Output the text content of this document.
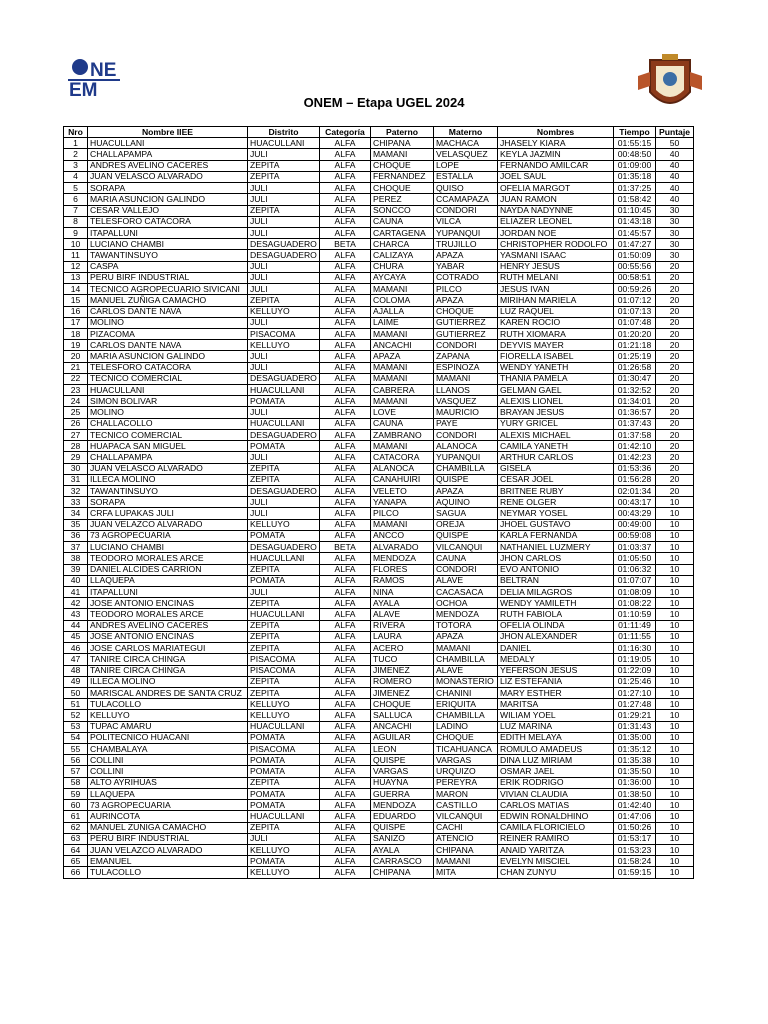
NE
EM
ONEM – Etapa UGEL 2024
Nro	Nombre IIEE	Distrito	Categoría	Paterno	Materno	Nombres	Tiempo	Puntaje
1	HUACULLANI	HUACULLANI	ALFA	CHIPANA	MACHACA	JHASELY KIARA	01:55:15	50
2	CHALLAPAMPA	JULI	ALFA	MAMANI	VELASQUEZ	KEYLA JAZMIN	00:48:50	40
3	ANDRES AVELINO CACERES	ZEPITA	ALFA	CHOQUE	LOPE	FERNANDO AMILCAR	01:09:00	40
4	JUAN VELASCO ALVARADO	ZEPITA	ALFA	FERNANDEZ	ESTALLA	JOEL SAUL	01:35:18	40
5	SORAPA	JULI	ALFA	CHOQUE	QUISO	OFELIA MARGOT	01:37:25	40
6	MARIA ASUNCION GALINDO	JULI	ALFA	PEREZ	CCAMAPAZA	JUAN RAMON	01:58:42	40
7	CESAR VALLEJO	ZEPITA	ALFA	SONCCO	CONDORI	NAYDA NADYNNE	01:10:45	30
8	TELESFORO CATACORA	JULI	ALFA	CAUNA	VILCA	ELIAZER LEONEL	01:43:18	30
9	ITAPALLUNI	JULI	ALFA	CARTAGENA	YUPANQUI	JORDAN NOE	01:45:57	30
10	LUCIANO CHAMBI	DESAGUADERO	BETA	CHARCA	TRUJILLO	CHRISTOPHER RODOLFO	01:47:27	30
11	TAWANTINSUYO	DESAGUADERO	ALFA	CALIZAYA	APAZA	YASMANI ISAAC	01:50:09	30
12	CASPA	JULI	ALFA	CHURA	YABAR	HENRY JESUS	00:55:56	20
13	PERU BIRF INDUSTRIAL	JULI	ALFA	AYCAYA	COTRADO	RUTH MELANI	00:58:51	20
14	TECNICO AGROPECUARIO SIVICANI	JULI	ALFA	MAMANI	PILCO	JESUS IVAN	00:59:26	20
15	MANUEL ZUÑIGA CAMACHO	ZEPITA	ALFA	COLOMA	APAZA	MIRIHAN MARIELA	01:07:12	20
16	CARLOS DANTE NAVA	KELLUYO	ALFA	AJALLA	CHOQUE	LUZ RAQUEL	01:07:13	20
17	MOLINO	JULI	ALFA	LAIME	GUTIERREZ	KAREN ROCIO	01:07:48	20
18	PIZACOMA	PISACOMA	ALFA	MAMANI	GUTIERREZ	RUTH XIOMARA	01:20:20	20
19	CARLOS DANTE NAVA	KELLUYO	ALFA	ANCACHI	CONDORI	DEYVIS MAYER	01:21:18	20
20	MARIA ASUNCION GALINDO	JULI	ALFA	APAZA	ZAPANA	FIORELLA ISABEL	01:25:19	20
21	TELESFORO CATACORA	JULI	ALFA	MAMANI	ESPINOZA	WENDY YANETH	01:26:58	20
22	TECNICO COMERCIAL	DESAGUADERO	ALFA	MAMANI	MAMANI	THANIA PAMELA	01:30:47	20
23	HUACULLANI	HUACULLANI	ALFA	CABRERA	LLANOS	GELMAN GAEL	01:32:52	20
24	SIMON BOLIVAR	POMATA	ALFA	MAMANI	VASQUEZ	ALEXIS LIONEL	01:34:01	20
25	MOLINO	JULI	ALFA	LOVE	MAURICIO	BRAYAN JESUS	01:36:57	20
26	CHALLACOLLO	HUACULLANI	ALFA	CAUNA	PAYE	YURY GRICEL	01:37:43	20
27	TECNICO COMERCIAL	DESAGUADERO	ALFA	ZAMBRANO	CONDORI	ALEXIS MICHAEL	01:37:58	20
28	HUAPACA SAN MIGUEL	POMATA	ALFA	MAMANI	ALANOCA	CAMILA YANETH	01:42:10	20
29	CHALLAPAMPA	JULI	ALFA	CATACORA	YUPANQUI	ARTHUR CARLOS	01:42:23	20
30	JUAN VELASCO ALVARADO	ZEPITA	ALFA	ALANOCA	CHAMBILLA	GISELA	01:53:36	20
31	ILLECA MOLINO	ZEPITA	ALFA	CANAHUIRI	QUISPE	CESAR JOEL	01:56:28	20
32	TAWANTINSUYO	DESAGUADERO	ALFA	VELETO	APAZA	BRITNEE RUBY	02:01:34	20
33	SORAPA	JULI	ALFA	YANAPA	AQUINO	RENE OLGER	00:43:17	10
34	CRFA LUPAKAS JULI	JULI	ALFA	PILCO	SAGUA	NEYMAR YOSEL	00:43:29	10
35	JUAN VELAZCO ALVARADO	KELLUYO	ALFA	MAMANI	OREJA	JHOEL GUSTAVO	00:49:00	10
36	73 AGROPECUARIA	POMATA	ALFA	ANCCO	QUISPE	KARLA FERNANDA	00:59:08	10
37	LUCIANO CHAMBI	DESAGUADERO	BETA	ALVARADO	VILCANQUI	NATHANIEL LUZMERY	01:03:37	10
38	TEODORO MORALES ARCE	HUACULLANI	ALFA	MENDOZA	CAUNA	JHON CARLOS	01:05:50	10
39	DANIEL ALCIDES CARRION	ZEPITA	ALFA	FLORES	CONDORI	EVO ANTONIO	01:06:32	10
40	LLAQUEPA	POMATA	ALFA	RAMOS	ALAVE	BELTRAN	01:07:07	10
41	ITAPALLUNI	JULI	ALFA	NINA	CACASACA	DELIA MILAGROS	01:08:09	10
42	JOSE ANTONIO ENCINAS	ZEPITA	ALFA	AYALA	OCHOA	WENDY YAMILETH	01:08:22	10
43	TEODORO MORALES ARCE	HUACULLANI	ALFA	ALAVE	MENDOZA	RUTH FABIOLA	01:10:59	10
44	ANDRES AVELINO CACERES	ZEPITA	ALFA	RIVERA	TOTORA	OFELIA OLINDA	01:11:49	10
45	JOSE ANTONIO ENCINAS	ZEPITA	ALFA	LAURA	APAZA	JHON ALEXANDER	01:11:55	10
46	JOSE CARLOS MARIATEGUI	ZEPITA	ALFA	ACERO	MAMANI	DANIEL	01:16:30	10
47	TANIRE CIRCA CHINGA	PISACOMA	ALFA	TUCO	CHAMBILLA	MEDALY	01:19:05	10
48	TANIRE CIRCA CHINGA	PISACOMA	ALFA	JIMENEZ	ALAVE	YEFERSON JESUS	01:22:09	10
49	ILLECA MOLINO	ZEPITA	ALFA	ROMERO	MONASTERIO	LIZ ESTEFANIA	01:25:46	10
50	MARISCAL ANDRES DE SANTA CRUZ	ZEPITA	ALFA	JIMENEZ	CHANINI	MARY ESTHER	01:27:10	10
51	TULACOLLO	KELLUYO	ALFA	CHOQUE	ERIQUITA	MARITSA	01:27:48	10
52	KELLUYO	KELLUYO	ALFA	SALLUCA	CHAMBILLA	WILIAM YOEL	01:29:21	10
53	TUPAC AMARU	HUACULLANI	ALFA	ANCACHI	LADINO	LUZ MARINA	01:31:43	10
54	POLITECNICO HUACANI	POMATA	ALFA	AGUILAR	CHOQUE	EDITH MELAYA	01:35:00	10
55	CHAMBALAYA	PISACOMA	ALFA	LEON	TICAHUANCA	ROMULO AMADEUS	01:35:12	10
56	COLLINI	POMATA	ALFA	QUISPE	VARGAS	DINA LUZ MIRIAM	01:35:38	10
57	COLLINI	POMATA	ALFA	VARGAS	URQUIZO	OSMAR JAEL	01:35:50	10
58	ALTO AYRIHUAS	ZEPITA	ALFA	HUAYNA	PEREYRA	ERIK RODRIGO	01:36:00	10
59	LLAQUEPA	POMATA	ALFA	GUERRA	MARON	VIVIAN CLAUDIA	01:38:50	10
60	73 AGROPECUARIA	POMATA	ALFA	MENDOZA	CASTILLO	CARLOS MATIAS	01:42:40	10
61	AURINCOTA	HUACULLANI	ALFA	EDUARDO	VILCANQUI	EDWIN RONALDHINO	01:47:06	10
62	MANUEL ZUNIGA CAMACHO	ZEPITA	ALFA	QUISPE	CACHI	CAMILA FLORICIELO	01:50:26	10
63	PERU BIRF INDUSTRIAL	JULI	ALFA	SANIZO	ATENCIO	REINER RAMIRO	01:53:17	10
64	JUAN VELAZCO ALVARADO	KELLUYO	ALFA	AYALA	CHIPANA	ANAID YARITZA	01:53:23	10
65	EMANUEL	POMATA	ALFA	CARRASCO	MAMANI	EVELYN MISCIEL	01:58:24	10
66	TULACOLLO	KELLUYO	ALFA	CHIPANA	MITA	CHAN ZUNYU	01:59:15	10
